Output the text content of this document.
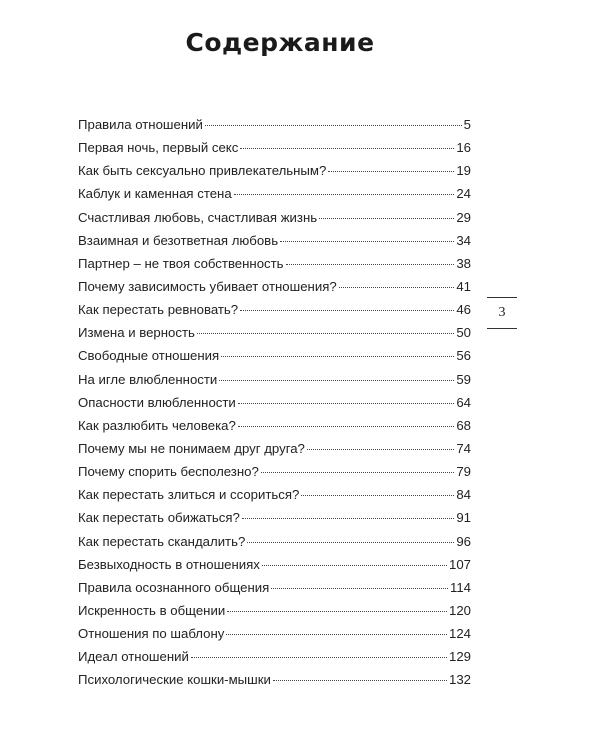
Содержание
Правила отношений	5
Первая ночь, первый секс	16
Как быть сексуально привлекательным?	19
Каблук и каменная стена	24
Счастливая любовь, счастливая жизнь	29
Взаимная и безответная любовь	34
Партнер – не твоя собственность	38
Почему зависимость убивает отношения?	41
Как перестать ревновать?	46
Измена и верность	50
Свободные отношения	56
На игле влюбленности	59
Опасности влюбленности	64
Как разлюбить человека?	68
Почему мы не понимаем друг друга?	74
Почему спорить бесполезно?	79
Как перестать злиться и ссориться?	84
Как перестать обижаться?	91
Как перестать скандалить?	96
Безвыходность в отношениях	107
Правила осознанного общения	114
Искренность в общении	120
Отношения по шаблону	124
Идеал отношений	129
Психологические кошки-мышки	132
3
